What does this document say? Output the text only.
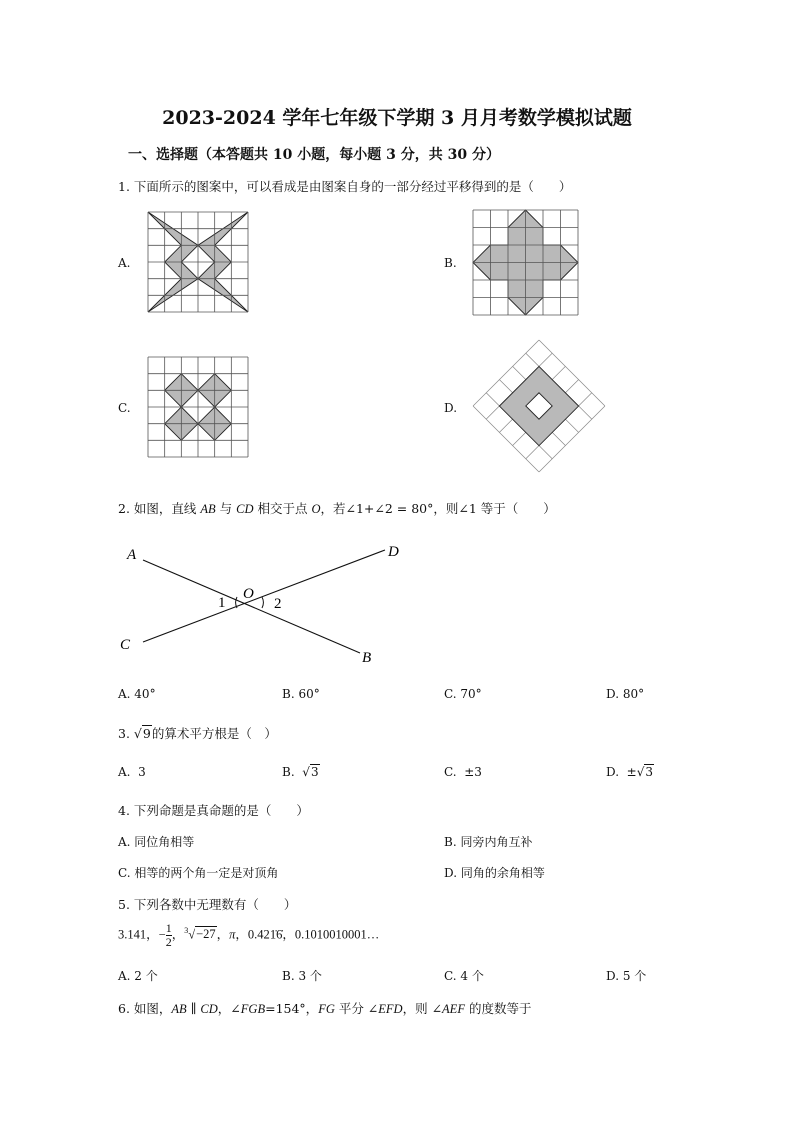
2023-2024 学年七年级下学期 3 月月考数学模拟试题
一、选择题（本答题共 10 小题，每小题 3 分，共 30 分）
1. 下面所示的图案中，可以看成是由图案自身的一部分经过平移得到的是（　　）
A.	B.
C.	D.
2. 如图，直线 AB 与 CD 相交于点 O，若∠1+∠2 = 80°，则∠1 等于（　　）
A	D
C
B
O
1	2
A. 40°	B. 60°	C. 70°	D. 80°
3. √9的算术平方根是（　）
A. 3	B. √3	C. ±3	D. ±√3
4. 下列命题是真命题的是（　　）
A. 同位角相等	B. 同旁内角互补
C. 相等的两个角一定是对顶角	D. 同角的余角相等
5. 下列各数中无理数有（　　）
3.141，− $\frac{1}{2}$ ，$^3$√−27，π，0.421̇6̇，0.1010010001…
A. 2 个	B. 3 个	C. 4 个	D. 5 个
6. 如图，AB ∥ CD，∠FGB=154°，FG 平分 ∠EFD，则 ∠AEF 的度数等于
